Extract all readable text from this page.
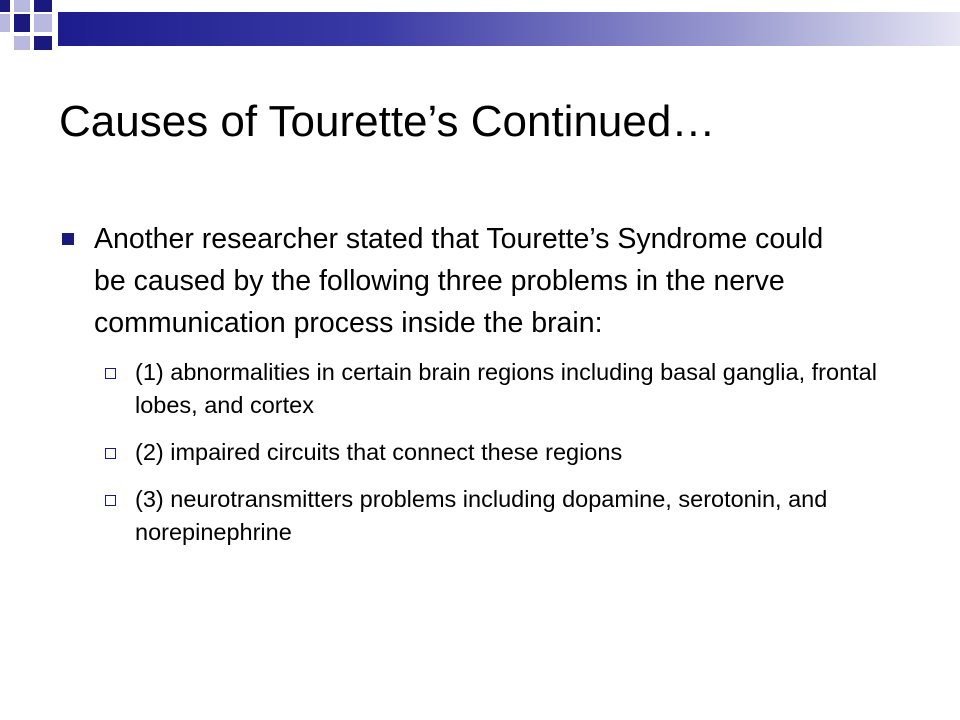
Causes of Tourette’s Continued…
Another researcher stated that Tourette’s Syndrome could be caused by the following three problems in the nerve communication process inside the brain:
(1) abnormalities in certain brain regions including basal ganglia, frontal lobes, and cortex
(2) impaired circuits that connect these regions
(3) neurotransmitters problems including dopamine, serotonin, and norepinephrine
